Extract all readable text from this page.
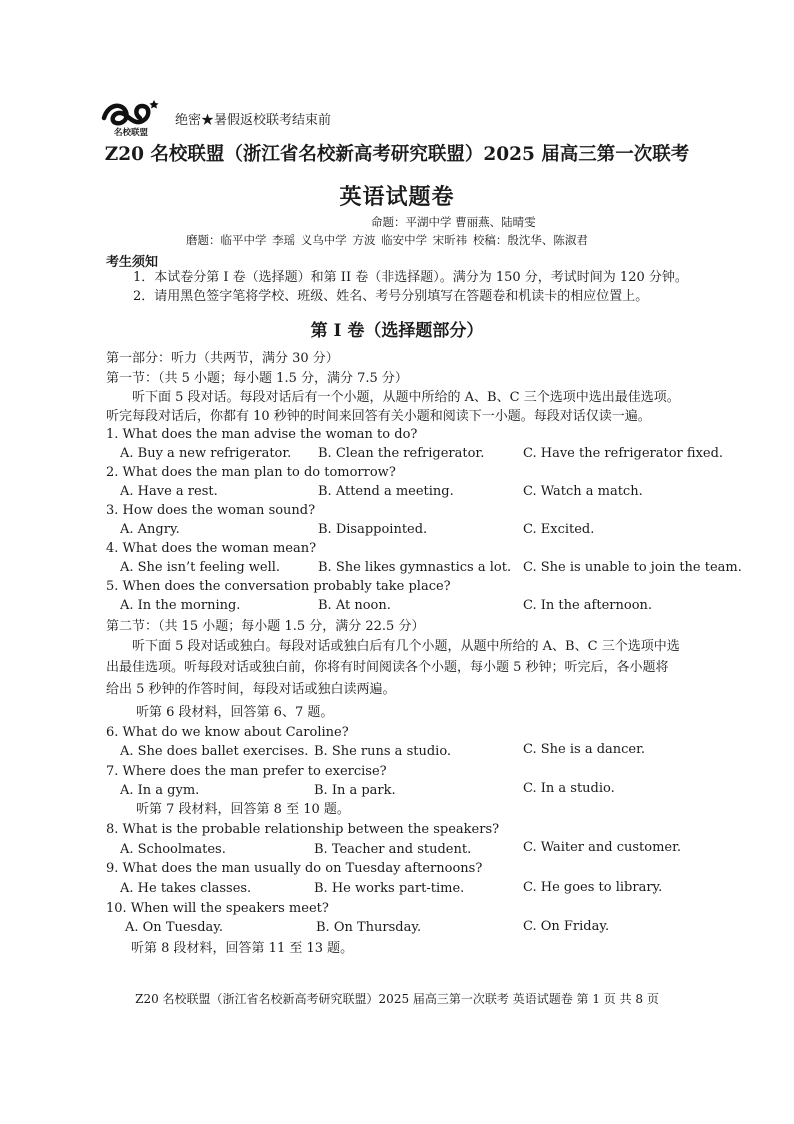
名校联盟
绝密★暑假返校联考结束前
Z20 名校联盟（浙江省名校新高考研究联盟）2025 届高三第一次联考
英语试题卷
命题：平湖中学 曹丽燕、陆晴雯
磨题：临平中学 李瑶 义乌中学 方波 临安中学 宋昕祎 校稿：殷沈华、陈淑君
考生须知
1．本试卷分第 I 卷（选择题）和第 II 卷（非选择题）。满分为 150 分，考试时间为 120 分钟。
2．请用黑色签字笔将学校、班级、姓名、考号分别填写在答题卷和机读卡的相应位置上。
第 I 卷（选择题部分）
第一部分：听力（共两节，满分 30 分）
第一节：（共 5 小题；每小题 1.5 分，满分 7.5 分）
听下面 5 段对话。每段对话后有一个小题，从题中所给的 A、B、C 三个选项中选出最佳选项。
听完每段对话后，你都有 10 秒钟的时间来回答有关小题和阅读下一小题。每段对话仅读一遍。
1. What does the man advise the woman to do?
A. Buy a new refrigerator. B. Clean the refrigerator.	C. Have the refrigerator fixed.
2. What does the man plan to do tomorrow?
A. Have a rest.	B. Attend a meeting.	C. Watch a match.
3. How does the woman sound?
A. Angry.	B. Disappointed.	C. Excited.
4. What does the woman mean?
A. She isn’t feeling well.	B. She likes gymnastics a lot. C. She is unable to join the team.
5. When does the conversation probably take place?
A. In the morning.	B. At noon.	C. In the afternoon.
第二节：（共 15 小题；每小题 1.5 分，满分 22.5 分）
听下面 5 段对话或独白。每段对话或独白后有几个小题，从题中所给的 A、B、C 三个选项中选
出最佳选项。听每段对话或独白前，你将有时间阅读各个小题，每小题 5 秒钟；听完后，各小题将
给出 5 秒钟的作答时间，每段对话或独白读两遍。
听第 6 段材料，回答第 6、7 题。
6. What do we know about Caroline?
A. She does ballet exercises. B. She runs a studio.	C. She is a dancer.
7. Where does the man prefer to exercise?
A. In a gym.	B. In a park.	C. In a studio.
听第 7 段材料，回答第 8 至 10 题。
8. What is the probable relationship between the speakers?
A. Schoolmates.	B. Teacher and student.	C. Waiter and customer.
9. What does the man usually do on Tuesday afternoons?
A. He takes classes.	B. He works part-time.	C. He goes to library.
10. When will the speakers meet?
A. On Tuesday.	B. On Thursday.	C. On Friday.
听第 8 段材料，回答第 11 至 13 题。
Z20 名校联盟（浙江省名校新高考研究联盟）2025 届高三第一次联考 英语试题卷 第 1 页 共 8 页
